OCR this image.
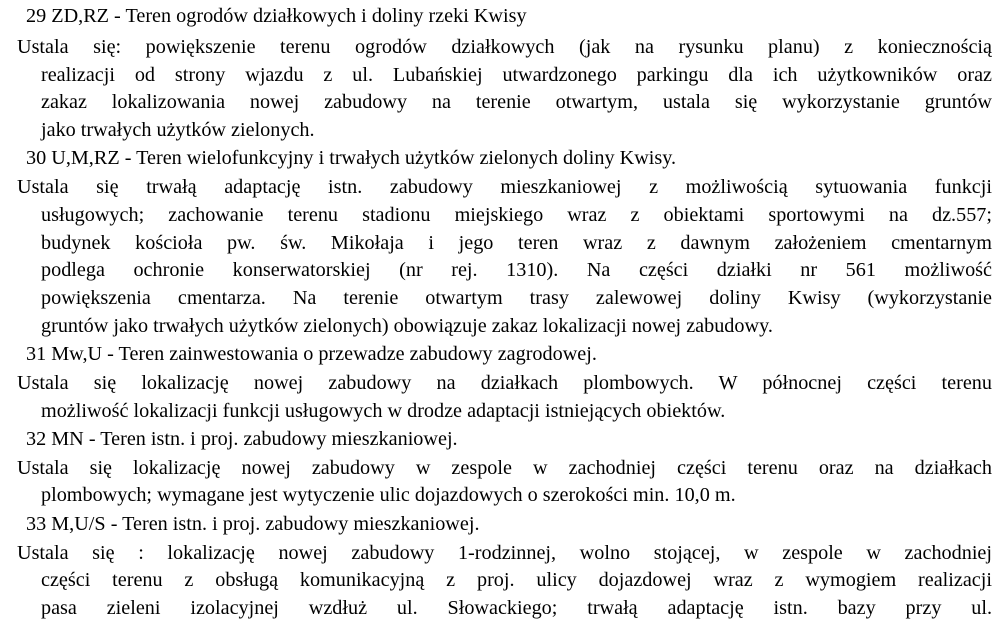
29 ZD,RZ - Teren ogrodów działkowych i doliny rzeki Kwisy
Ustala się: powiększenie terenu ogrodów działkowych (jak na rysunku planu) z koniecznością
realizacji od strony wjazdu z ul. Lubańskiej utwardzonego parkingu dla ich użytkowników oraz
zakaz lokalizowania nowej zabudowy na terenie otwartym, ustala się wykorzystanie gruntów
jako trwałych użytków zielonych.
30 U,M,RZ - Teren wielofunkcyjny i trwałych użytków zielonych doliny Kwisy.
Ustala się trwałą adaptację istn. zabudowy mieszkaniowej z możliwością sytuowania funkcji
usługowych; zachowanie terenu stadionu miejskiego wraz z obiektami sportowymi na dz.557;
budynek kościoła pw. św. Mikołaja i jego teren wraz z dawnym założeniem cmentarnym
podlega ochronie konserwatorskiej (nr rej. 1310). Na części działki nr 561 możliwość
powiększenia cmentarza. Na terenie otwartym trasy zalewowej doliny Kwisy (wykorzystanie
gruntów jako trwałych użytków zielonych) obowiązuje zakaz lokalizacji nowej zabudowy.
31 Mw,U - Teren zainwestowania o przewadze zabudowy zagrodowej.
Ustala się lokalizację nowej zabudowy na działkach plombowych. W północnej części terenu
możliwość lokalizacji funkcji usługowych w drodze adaptacji istniejących obiektów.
32 MN - Teren istn. i proj. zabudowy mieszkaniowej.
Ustala się lokalizację nowej zabudowy w zespole w zachodniej części terenu oraz na działkach
plombowych; wymagane jest wytyczenie ulic dojazdowych o szerokości min. 10,0 m.
33 M,U/S - Teren istn. i proj. zabudowy mieszkaniowej.
Ustala się : lokalizację nowej zabudowy 1-rodzinnej, wolno stojącej, w zespole w zachodniej
części terenu z obsługą komunikacyjną z proj. ulicy dojazdowej wraz z wymogiem realizacji
pasa zieleni izolacyjnej wzdłuż ul. Słowackiego; trwałą adaptację istn. bazy przy ul.
